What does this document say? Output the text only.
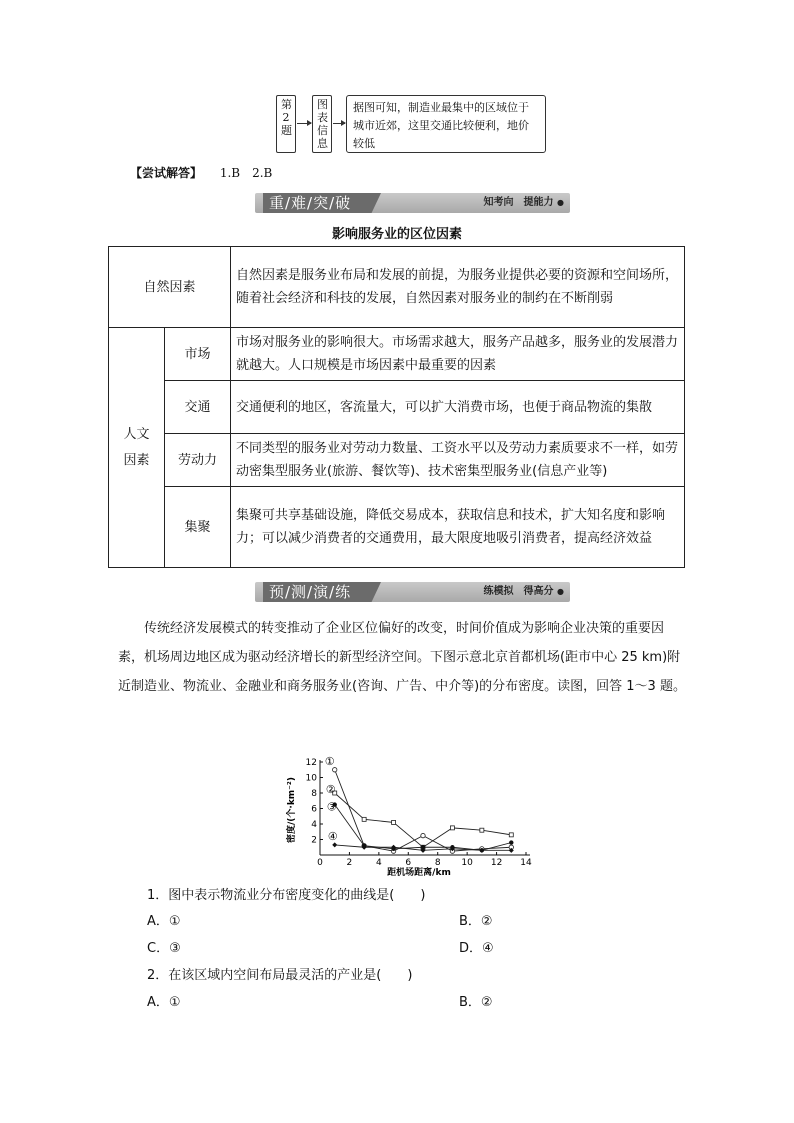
第2题
图表信息
据图可知，制造业最集中的区域位于城市近郊，这里交通比较便利，地价较低
【尝试解答】 1.B　2.B
重/难/突/破	知考向　提能力 ●
影响服务业的区位因素
自然因素		自然因素是服务业布局和发展的前提，为服务业提供必要的资源和空间场所，随着社会经济和科技的发展，自然因素对服务业的制约在不断削弱

人文因素	市场	市场对服务业的影响很大。市场需求越大，服务产品越多，服务业的发展潜力就越大。人口规模是市场因素中最重要的因素
	交通	交通便利的地区，客流量大，可以扩大消费市场，也便于商品物流的集散
	劳动力	不同类型的服务业对劳动力数量、工资水平以及劳动力素质要求不一样，如劳动密集型服务业(旅游、餐饮等)、技术密集型服务业(信息产业等)
	集聚	集聚可共享基础设施，降低交易成本，获取信息和技术，扩大知名度和影响力；可以减少消费者的交通费用，最大限度地吸引消费者，提高经济效益
预/测/演/练	练模拟　得高分 ●
传统经济发展模式的转变推动了企业区位偏好的改变，时间价值成为影响企业决策的重要因素，机场周边地区成为驱动经济增长的新型经济空间。下图示意北京首都机场(距市中心 25 km)附近制造业、物流业、金融业和商务服务业(咨询、广告、中介等)的分布密度。读图，回答 1～3 题。
密度/(个·km⁻²)
距机场距离/km
0	2	4	6	8 10 12 14
2
4
6
8
10
12 ①
②
③
④
1．图中表示物流业分布密度变化的曲线是(　　)
A．①	B．②
C．③	D．④
2．在该区域内空间布局最灵活的产业是(　　)
A．①	B．②
